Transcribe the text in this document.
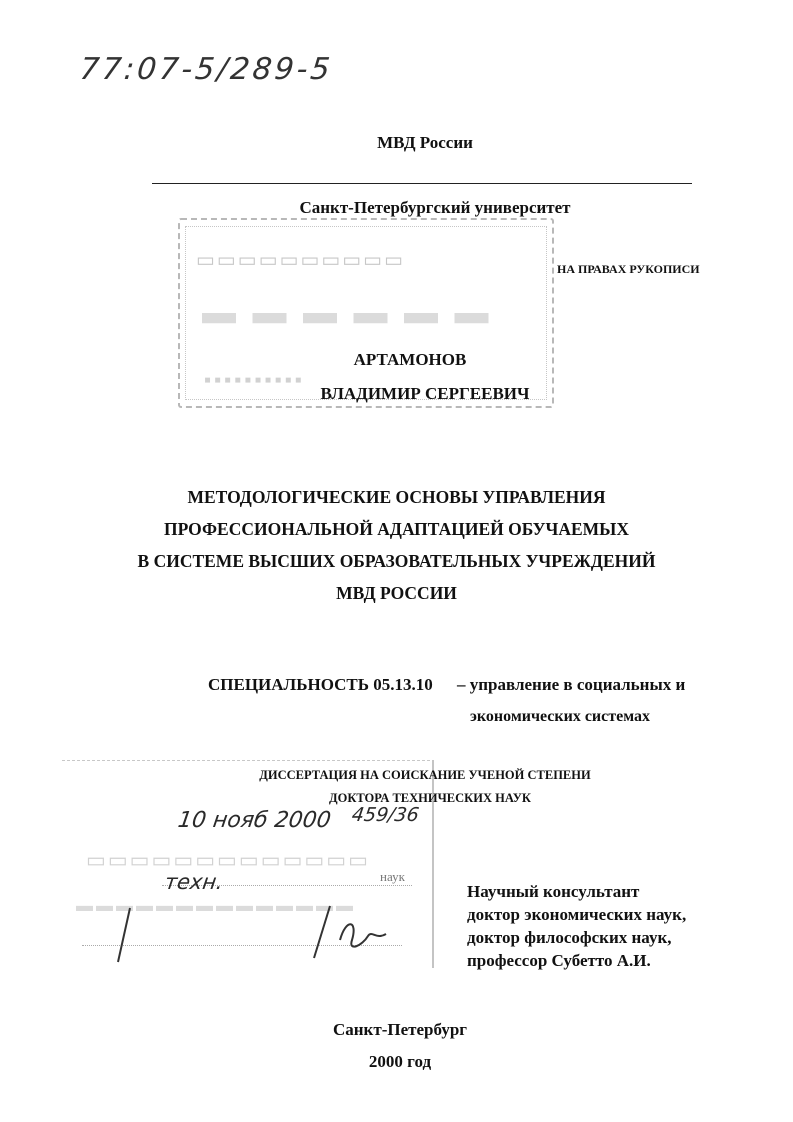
77:07-5/289-5
МВД России
Санкт-Петербургский университет
▭▭▭▭▭▭▭▭▭▭
▬ ▬ ▬ ▬ ▬ ▬
▪▪▪▪▪▪▪▪▪▪
НА ПРАВАХ РУКОПИСИ
АРТАМОНОВ
ВЛАДИМИР СЕРГЕЕВИЧ
МЕТОДОЛОГИЧЕСКИЕ ОСНОВЫ УПРАВЛЕНИЯ
ПРОФЕССИОНАЛЬНОЙ АДАПТАЦИЕЙ ОБУЧАЕМЫХ
В СИСТЕМЕ ВЫСШИХ ОБРАЗОВАТЕЛЬНЫХ УЧРЕЖДЕНИЙ
МВД РОССИИ
СПЕЦИАЛЬНОСТЬ 05.13.10 – управление в социальных и
экономических системах
▭▭▭▭▭▭▭▭▭▭▭▭▭
▬▬▬▬▬▬▬▬▬▬▬▬▬▬
наук
10 нояб 2000 459/36
техн.
ДИССЕРТАЦИЯ НА СОИСКАНИЕ УЧЕНОЙ СТЕПЕНИ
ДОКТОРА ТЕХНИЧЕСКИХ НАУК
Научный консультант
доктор экономических наук,
доктор философских наук,
профессор Субетто А.И.
Санкт-Петербург
2000 год
